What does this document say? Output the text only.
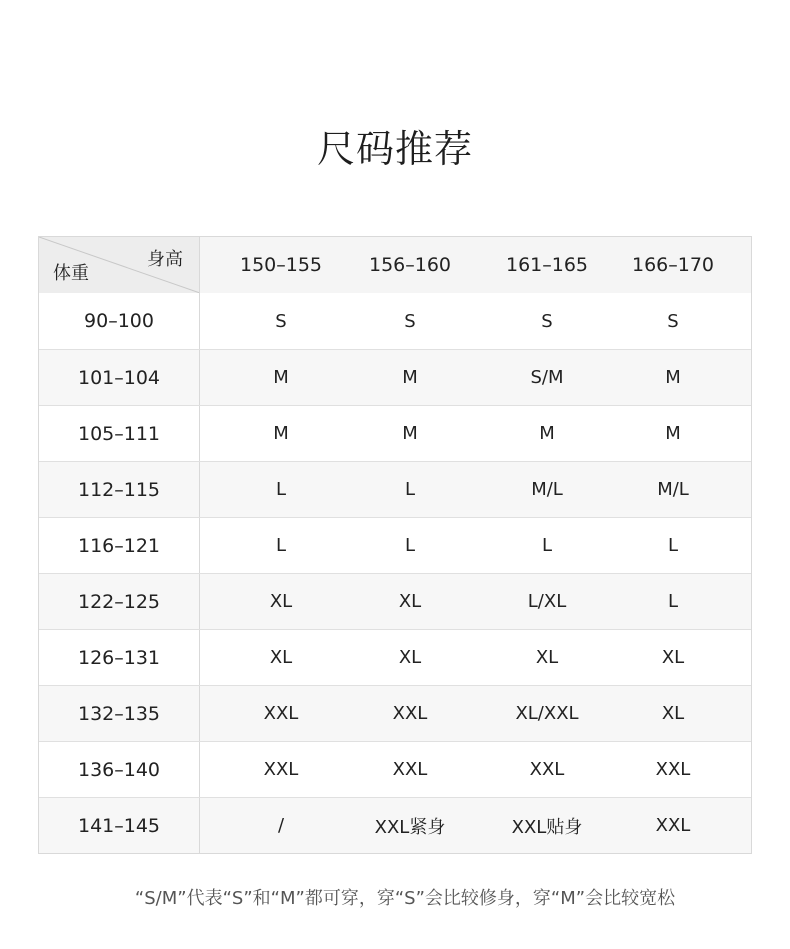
尺码推荐
身高
体重	150–155 156–160	161–165 166–170
90–100	S	S	S	S
101–104	M	M	S/M	M
105–111	M	M	M	M
112–115	L	L	M/L	M/L
116–121	L	L	L	L
122–125	XL	XL	L/XL	L
126–131	XL	XL	XL	XL
132–135	XXL	XXL	XL/XXL	XL
136–140	XXL	XXL	XXL	XXL
141–145	/	XXL紧身	XXL贴身	XXL
“S/M”代表“S”和“M”都可穿，穿“S”会比较修身，穿“M”会比较宽松
